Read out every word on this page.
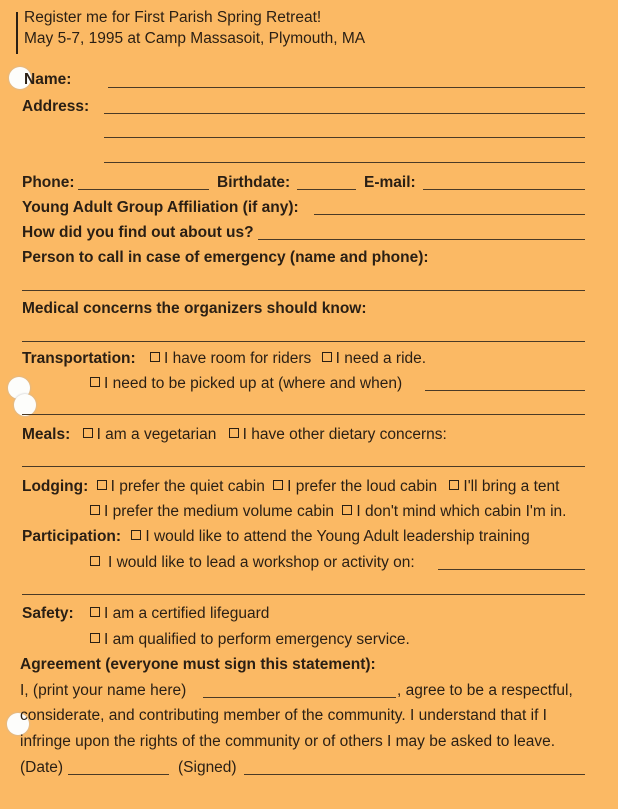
Register me for First Parish Spring Retreat!
May 5-7, 1995 at Camp Massasoit, Plymouth, MA
Name:
Address:
Phone:	Birthdate:	E-mail:
Young Adult Group Affiliation (if any):
How did you find out about us?
Person to call in case of emergency (name and phone):
Medical concerns the organizers should know:
Transportation: I have room for riders I need a ride.
I need to be picked up at (where and when)
Meals: I am a vegetarian I have other dietary concerns:
Lodging: I prefer the quiet cabin I prefer the loud cabin I'll bring a tent
I prefer the medium volume cabin I don't mind which cabin I'm in.
Participation: I would like to attend the Young Adult leadership training
I would like to lead a workshop or activity on:
Safety: I am a certified lifeguard
I am qualified to perform emergency service.
Agreement (everyone must sign this statement):
I, (print your name here)	, agree to be a respectful,
considerate, and contributing member of the community. I understand that if I
infringe upon the rights of the community or of others I may be asked to leave.
(Date)	(Signed)
